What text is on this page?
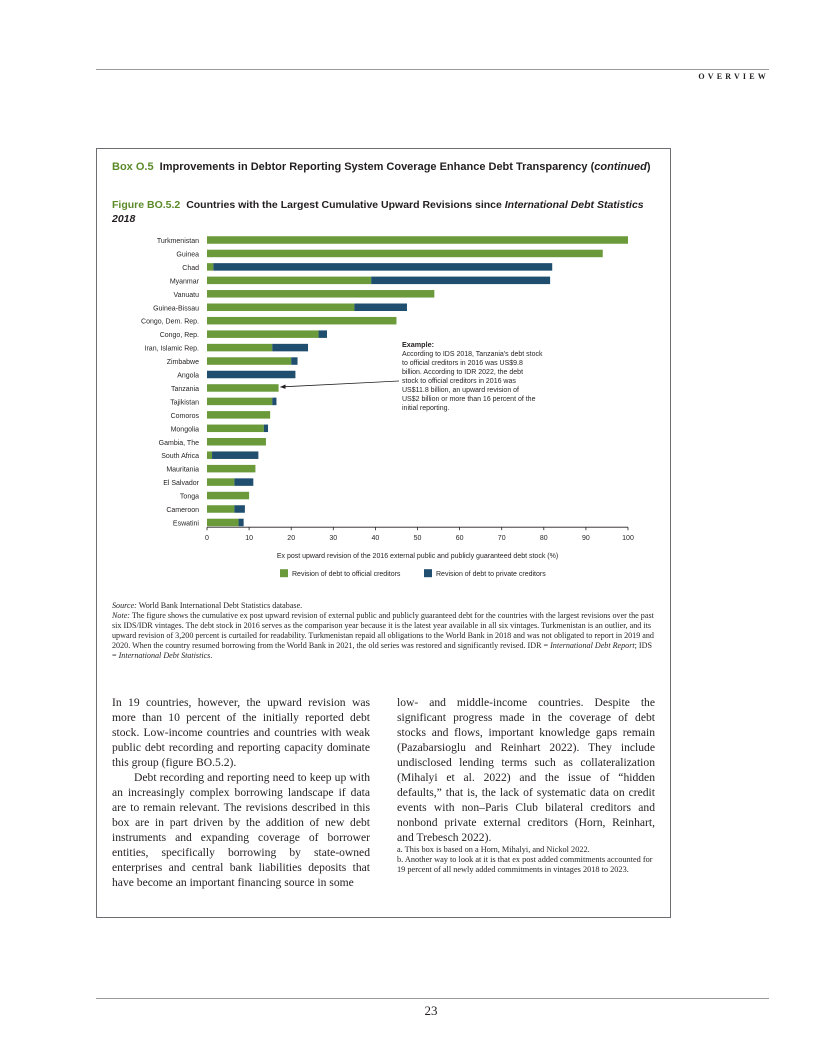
OVERVIEW
Box O.5 Improvements in Debtor Reporting System Coverage Enhance Debt Transparency (continued)
Figure BO.5.2 Countries with the Largest Cumulative Upward Revisions since International Debt Statistics 2018
Turkmenistan
Guinea
Chad
Myanmar
Vanuatu
Guinea-Bissau
Congo, Dem. Rep.
Congo, Rep.
Iran, Islamic Rep.
Zimbabwe
Angola
Tanzania
Tajikistan
Comoros
Mongolia
Gambia, The
South Africa
Mauritania
El Salvador
Tonga
Cameroon
Eswatini
0	10	20	30	40	50	60	70	80	90	100
Ex post upward revision of the 2016 external public and publicly guaranteed debt stock (%)
Example:
According to IDS 2018, Tanzania's debt stock
to official creditors in 2016 was US$9.8
billion. According to IDR 2022, the debt
stock to official creditors in 2016 was
US$11.8 billion, an upward revision of
US$2 billion or more than 16 percent of the
initial reporting.
Revision of debt to official creditors	Revision of debt to private creditors

Source: World Bank International Debt Statistics database.

Note: The figure shows the cumulative ex post upward revision of external public and publicly guaranteed debt for the countries with the largest revisions over the past six IDS/IDR vintages. The debt stock in 2016 serves as the comparison year because it is the latest year available in all six vintages. Turkmenistan is an outlier, and its upward revision of 3,200 percent is curtailed for readability. Turkmenistan repaid all obligations to the World Bank in 2018 and was not obligated to report in 2019 and 2020. When the country resumed borrowing from the World Bank in 2021, the old series was restored and significantly revised. IDR = International Debt Report; IDS = International Debt Statistics.

In 19 countries, however, the upward revision was more than 10 percent of the initially reported debt stock. Low-income countries and countries with weak public debt recording and reporting capacity dominate this group (figure BO.5.2).

Debt recording and reporting need to keep up with an increasingly complex borrowing landscape if data are to remain relevant. The revisions described in this box are in part driven by the addition of new debt instruments and expanding coverage of borrower entities, specifically borrowing by state-owned enterprises and central bank liabilities deposits that have become an important financing source in some

low- and middle-income countries. Despite the significant progress made in the coverage of debt stocks and flows, important knowledge gaps remain (Pazabarsioglu and Reinhart 2022). They include undisclosed lending terms such as collateralization (Mihalyi et al. 2022) and the issue of “hidden defaults,” that is, the lack of systematic data on credit events with non–Paris Club bilateral creditors and nonbond private external creditors (Horn, Reinhart, and Trebesch 2022).

a. This box is based on a Horn, Mihalyi, and Nickol 2022.

b. Another way to look at it is that ex post added commitments accounted for 19 percent of all newly added commitments in vintages 2018 to 2023.

23
